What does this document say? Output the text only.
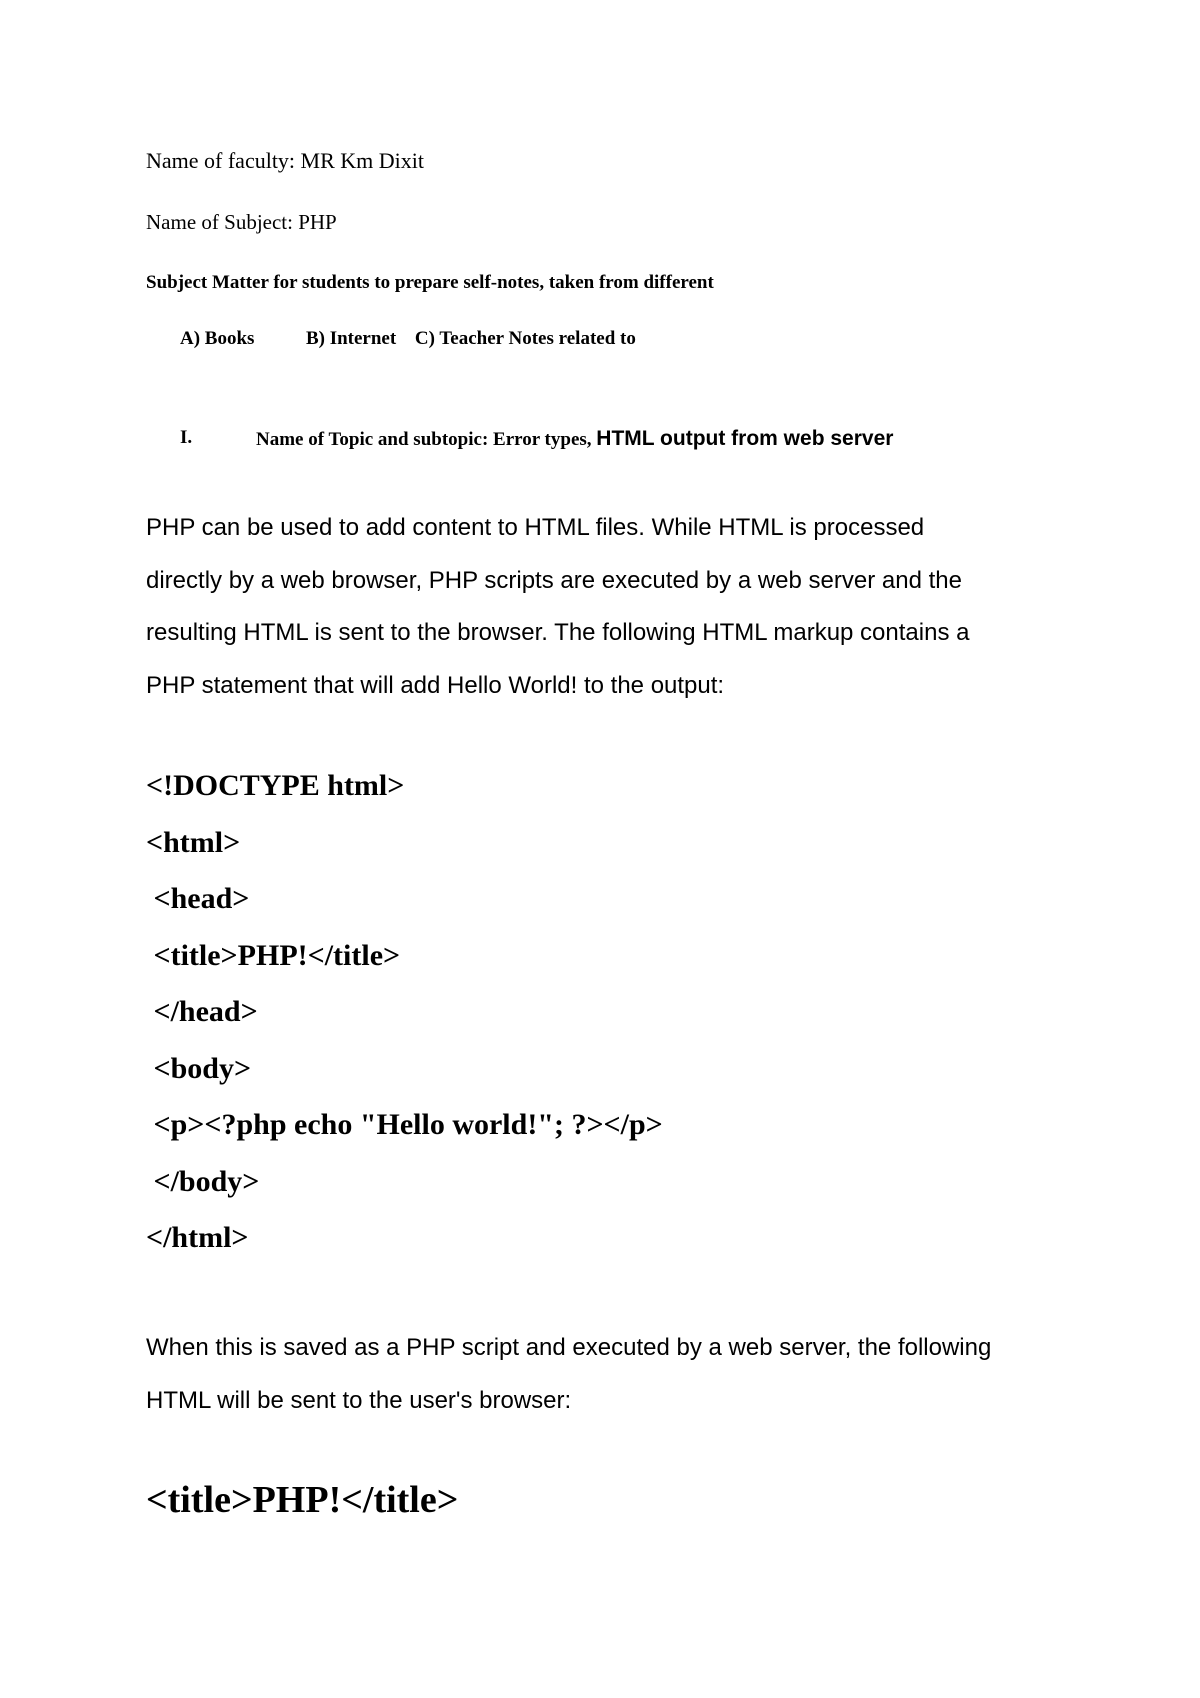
Name of faculty: MR Km Dixit
Name of Subject: PHP
Subject Matter for students to prepare self-notes, taken from different
A) Books	B) Internet C) Teacher Notes related to
I.	Name of Topic and subtopic: Error types, HTML output from web server
PHP can be used to add content to HTML files. While HTML is processed
directly by a web browser, PHP scripts are executed by a web server and the
resulting HTML is sent to the browser. The following HTML markup contains a
PHP statement that will add Hello World! to the output:
<!DOCTYPE html>
<html>
<head>
<title>PHP!</title>
</head>
<body>
<p><?php echo "Hello world!"; ?></p>
</body>
</html>
When this is saved as a PHP script and executed by a web server, the following
HTML will be sent to the user's browser:
<title>PHP!</title>
